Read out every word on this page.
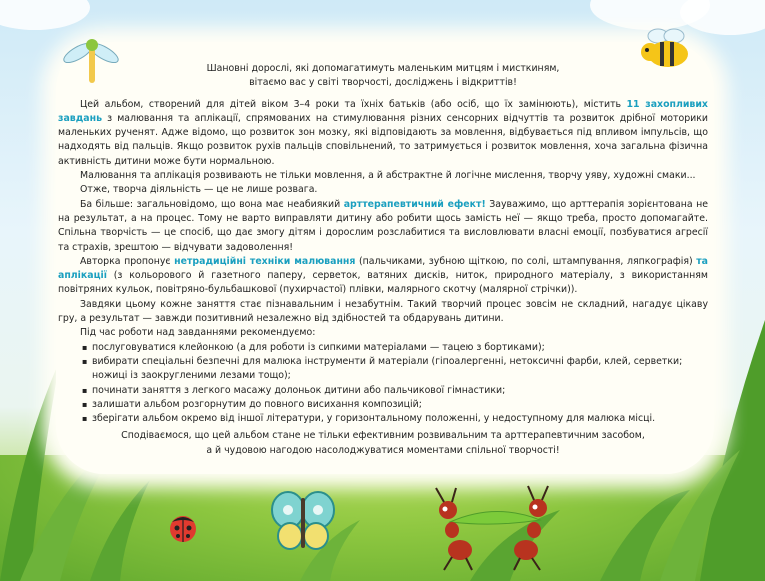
Шановні дорослі, які допомагатимуть маленьким митцям і мисткиням,
вітаємо вас у світі творчості, досліджень і відкриттів!

Цей альбом, створений для дітей віком 3–4 роки та їхніх батьків (або осіб, що їх замінюють), містить 11 захопливих завдань з малювання та аплікації, спрямованих на стимулювання різних сенсорних відчуттів та розвиток дрібної моторики маленьких рученят. Адже відомо, що розвиток зон мозку, які відповідають за мовлення, відбувається під впливом імпульсів, що надходять від пальців. Якщо розвиток рухів пальців сповільнений, то затримується і розвиток мовлення, хоча загальна фізична активність дитини може бути нормальною.

Малювання та аплікація розвивають не тільки мовлення, а й абстрактне й логічне мислення, творчу уяву, художні смаки...

Отже, творча діяльність — це не лише розвага.

Ба більше: загальновідомо, що вона має неабиякий арттерапевтичний ефект! Зауважимо, що арттерапія зорієнтована не на результат, а на процес. Тому не варто виправляти дитину або робити щось замість неї — якщо треба, просто допомагайте. Спільна творчість — це спосіб, що дає змогу дітям і дорослим розслабитися та висловлювати власні емоції, позбуватися агресії та страхів, зрештою — відчувати задоволення!

Авторка пропонує нетрадиційні техніки малювання (пальчиками, зубною щіткою, по солі, штампування, ляпкографія) та аплікації (з кольорового й газетного паперу, серветок, ватяних дисків, ниток, природного матеріалу, з використанням повітряних кульок, повітряно-бульбашкової (пухирчастої) плівки, малярного скотчу (малярної стрічки)).

Завдяки цьому кожне заняття стає пізнавальним і незабутнім. Такий творчий процес зовсім не складний, нагадує цікаву гру, а результат — завжди позитивний незалежно від здібностей та обдарувань дитини.

Під час роботи над завданнями рекомендуємо:

▪ послуговуватися клейонкою (а для роботи із сипкими матеріалами — тацею з бортиками);
▪ вибирати спеціальні безпечні для малюка інструменти й матеріали (гіпоалергенні, нетоксичні фарби, клей, серветки; ножиці із заокругленими лезами тощо);
▪ починати заняття з легкого масажу долоньок дитини або пальчикової гімнастики;
▪ залишати альбом розгорнутим до повного висихання композицій;
▪ зберігати альбом окремо від іншої літератури, у горизонтальному положенні, у недоступному для малюка місці.

Сподіваємося, що цей альбом стане не тільки ефективним розвивальним та арттерапевтичним засобом,
а й чудовою нагодою насолоджуватися моментами спільної творчості!
